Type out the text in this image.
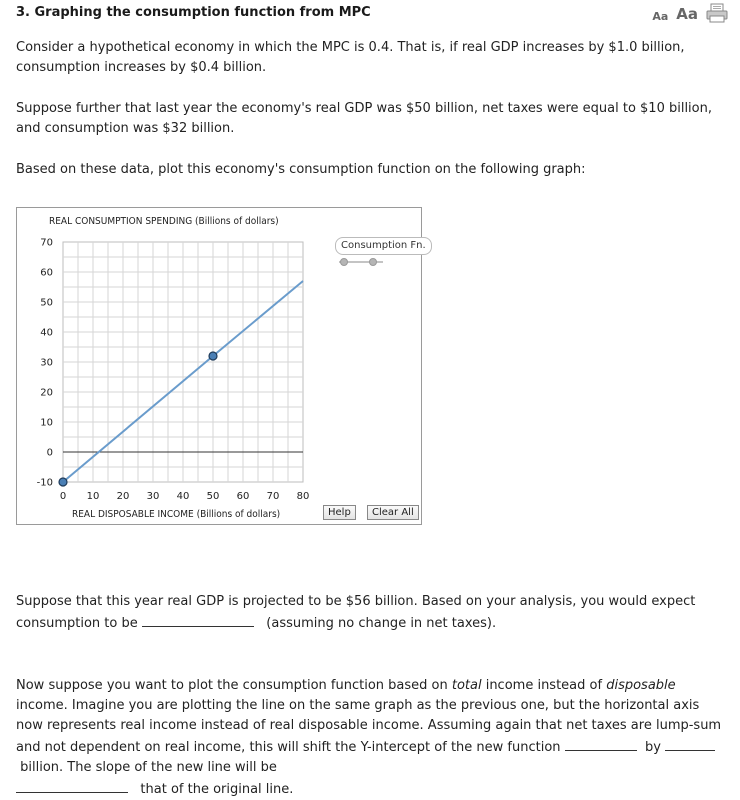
3. Graphing the consumption function from MPC	Aa Aa

Consider a hypothetical economy in which the MPC is 0.4. That is, if real GDP increases by $1.0 billion, consumption increases by $0.4 billion.

Suppose further that last year the economy's real GDP was $50 billion, net taxes were equal to $10 billion, and consumption was $32 billion.

Based on these data, plot this economy's consumption function on the following graph:

REAL CONSUMPTION SPENDING (Billions of dollars)
REAL DISPOSABLE INCOME (Billions of dollars)
0 10 20 30 40 50 60 70 80
70
60
50
40
30
20
10
0
-10
Consumption Fn.
Help	Clear All

Suppose that this year real GDP is projected to be $56 billion. Based on your analysis, you would expect consumption to be	(assuming no change in net taxes).

Now suppose you want to plot the consumption function based on total income instead of disposable income. Imagine you are plotting the line on the same graph as the previous one, but the horizontal axis now represents real income instead of real disposable income. Assuming again that net taxes are lump-sum and not dependent on real income, this will shift the Y-intercept of the new function	by   billion. The slope of the new line will be
that of the original line.
